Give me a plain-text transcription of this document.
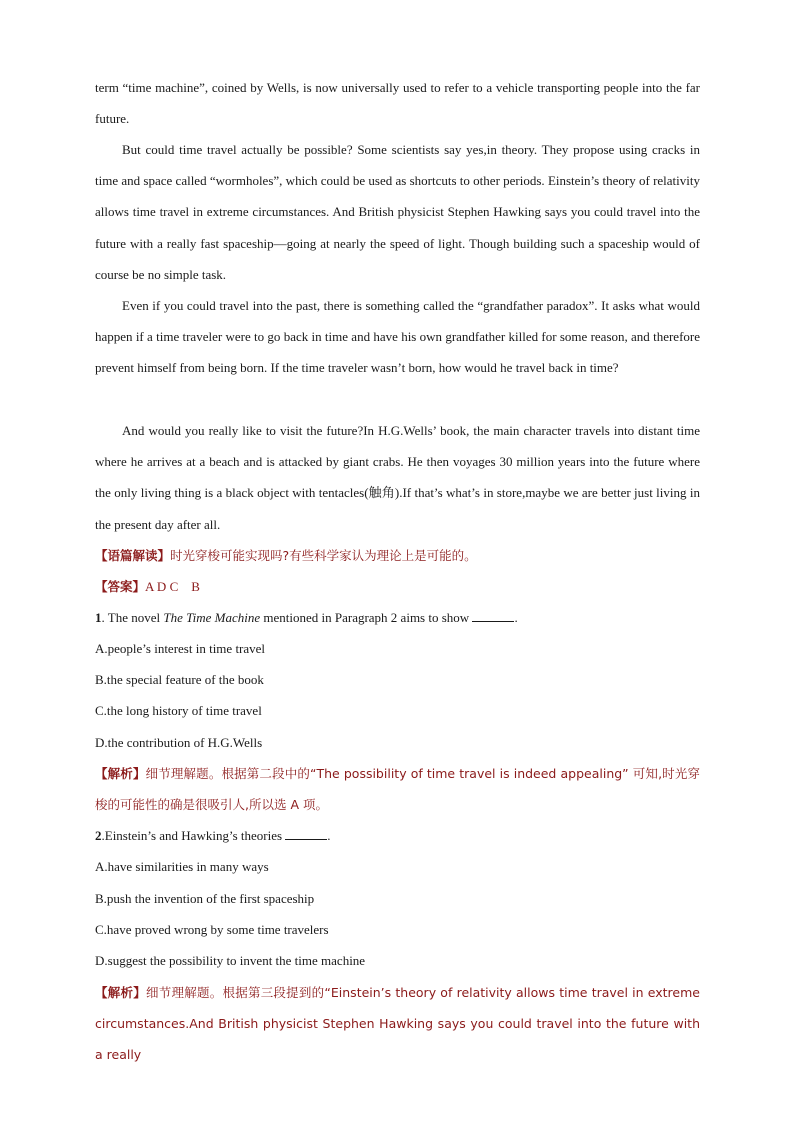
term “time machine”, coined by Wells, is now universally used to refer to a vehicle transporting people into the far future.

But could time travel actually be possible? Some scientists say yes,in theory. They propose using cracks in time and space called “wormholes”, which could be used as shortcuts to other periods. Einstein’s theory of relativity allows time travel in extreme circumstances. And British physicist Stephen Hawking says you could travel into the future with a really fast spaceship—going at nearly the speed of light. Though building such a spaceship would of course be no simple task.

Even if you could travel into the past, there is something called the “grandfather paradox”. It asks what would happen if a time traveler were to go back in time and have his own grandfather killed for some reason, and therefore prevent himself from being born. If the time traveler wasn’t born, how would he travel back in time?

And would you really like to visit the future?In H.G.Wells’ book, the main character travels into distant time where he arrives at a beach and is attacked by giant crabs. He then voyages 30 million years into the future where the only living thing is a black object with tentacles(触角).If that’s what’s in store,maybe we are better just living in the present day after all.

【语篇解读】时光穿梭可能实现吗?有些科学家认为理论上是可能的。

【答案】A D C    B

1. The novel The Time Machine mentioned in Paragraph 2 aims to show	.

A.people’s interest in time travel

B.the special feature of the book

C.the long history of time travel

D.the contribution of H.G.Wells

【解析】细节理解题。根据第二段中的“The possibility of time travel is indeed appealing” 可知,时光穿梭的可能性的确是很吸引人,所以选 A 项。

2.Einstein’s and Hawking’s theories	.

A.have similarities in many ways

B.push the invention of the first spaceship

C.have proved wrong by some time travelers

D.suggest the possibility to invent the time machine

【解析】细节理解题。根据第三段提到的“Einstein’s theory of relativity allows time travel in extreme circumstances.And British physicist Stephen Hawking says you could travel into the future with a really
